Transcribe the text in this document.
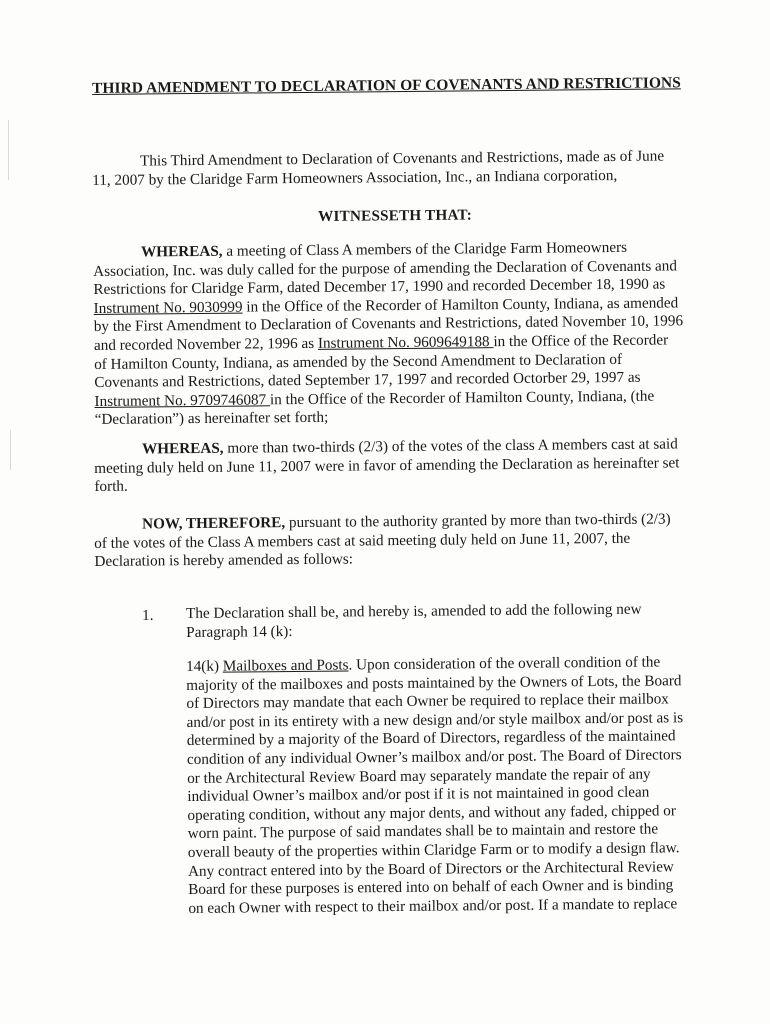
THIRD AMENDMENT TO DECLARATION OF COVENANTS AND RESTRICTIONS
This Third Amendment to Declaration of Covenants and Restrictions, made as of June 11, 2007 by the Claridge Farm Homeowners Association, Inc., an Indiana corporation,
WITNESSETH THAT:
WHEREAS, a meeting of Class A members of the Claridge Farm Homeowners Association, Inc. was duly called for the purpose of amending the Declaration of Covenants and Restrictions for Claridge Farm, dated December 17, 1990 and recorded December 18, 1990 as Instrument No. 9030999 in the Office of the Recorder of Hamilton County, Indiana, as amended by the First Amendment to Declaration of Covenants and Restrictions, dated November 10, 1996 and recorded November 22, 1996 as Instrument No. 9609649188 in the Office of the Recorder of Hamilton County, Indiana, as amended by the Second Amendment to Declaration of Covenants and Restrictions, dated September 17, 1997 and recorded Octorber 29, 1997 as Instrument No. 9709746087 in the Office of the Recorder of Hamilton County, Indiana, (the “Declaration”) as hereinafter set forth;
WHEREAS, more than two-thirds (2/3) of the votes of the class A members cast at said meeting duly held on June 11, 2007 were in favor of amending the Declaration as hereinafter set forth.
NOW, THEREFORE, pursuant to the authority granted by more than two-thirds (2/3) of the votes of the Class A members cast at said meeting duly held on June 11, 2007, the Declaration is hereby amended as follows:
1. The Declaration shall be, and hereby is, amended to add the following new Paragraph 14 (k):
14(k) Mailboxes and Posts. Upon consideration of the overall condition of the majority of the mailboxes and posts maintained by the Owners of Lots, the Board of Directors may mandate that each Owner be required to replace their mailbox and/or post in its entirety with a new design and/or style mailbox and/or post as is determined by a majority of the Board of Directors, regardless of the maintained condition of any individual Owner’s mailbox and/or post. The Board of Directors or the Architectural Review Board may separately mandate the repair of any individual Owner’s mailbox and/or post if it is not maintained in good clean operating condition, without any major dents, and without any faded, chipped or worn paint. The purpose of said mandates shall be to maintain and restore the overall beauty of the properties within Claridge Farm or to modify a design flaw. Any contract entered into by the Board of Directors or the Architectural Review Board for these purposes is entered into on behalf of each Owner and is binding on each Owner with respect to their mailbox and/or post. If a mandate to replace
